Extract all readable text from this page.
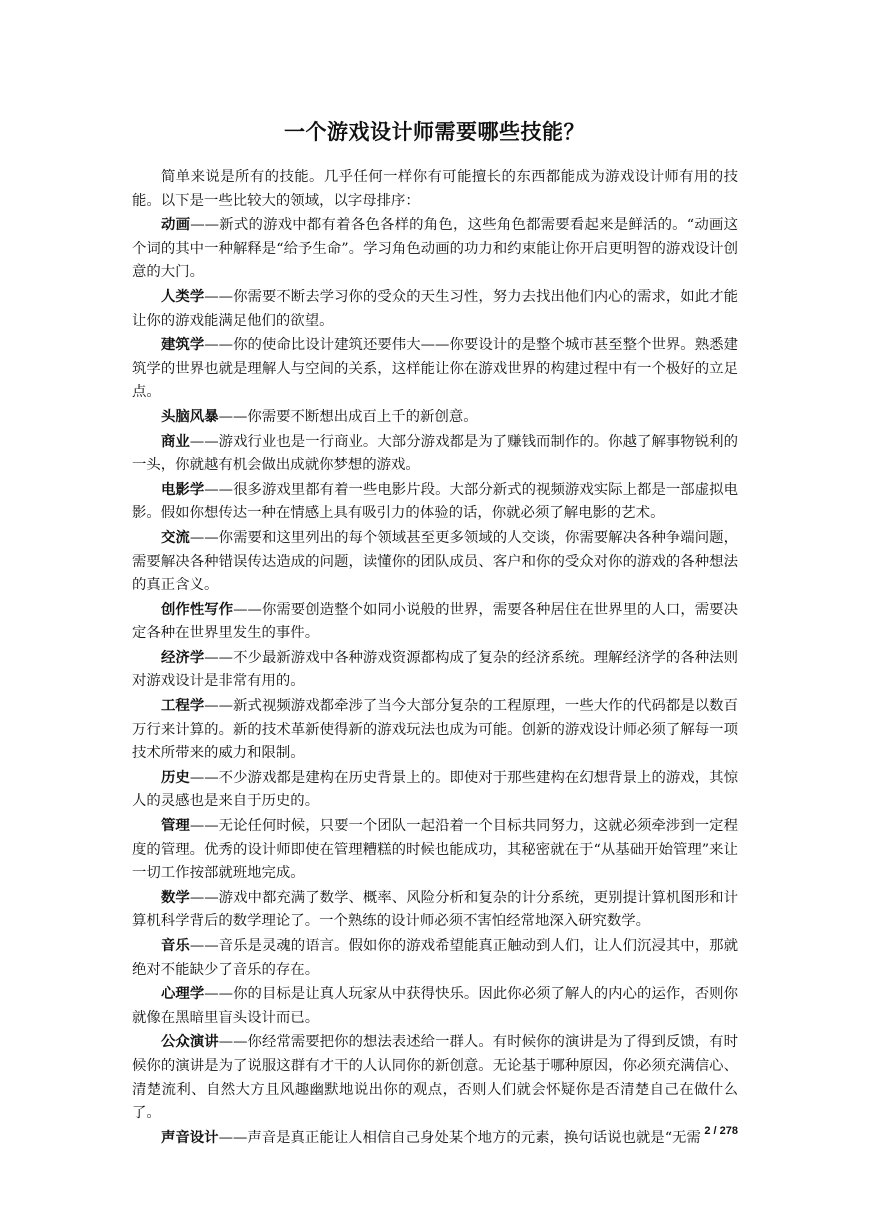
一个游戏设计师需要哪些技能？

简单来说是所有的技能。几乎任何一样你有可能擅长的东西都能成为游戏设计师有用的技能。以下是一些比较大的领域，以字母排序：

动画——新式的游戏中都有着各色各样的角色，这些角色都需要看起来是鲜活的。“动画这个词的其中一种解释是“给予生命”。学习角色动画的功力和约束能让你开启更明智的游戏设计创意的大门。

人类学——你需要不断去学习你的受众的天生习性，努力去找出他们内心的需求，如此才能让你的游戏能满足他们的欲望。

建筑学——你的使命比设计建筑还要伟大——你要设计的是整个城市甚至整个世界。熟悉建筑学的世界也就是理解人与空间的关系，这样能让你在游戏世界的构建过程中有一个极好的立足点。

头脑风暴——你需要不断想出成百上千的新创意。

商业——游戏行业也是一行商业。大部分游戏都是为了赚钱而制作的。你越了解事物锐利的一头，你就越有机会做出成就你梦想的游戏。

电影学——很多游戏里都有着一些电影片段。大部分新式的视频游戏实际上都是一部虚拟电影。假如你想传达一种在情感上具有吸引力的体验的话，你就必须了解电影的艺术。

交流——你需要和这里列出的每个领域甚至更多领域的人交谈，你需要解决各种争端问题，需要解决各种错误传达造成的问题，读懂你的团队成员、客户和你的受众对你的游戏的各种想法的真正含义。

创作性写作——你需要创造整个如同小说般的世界，需要各种居住在世界里的人口，需要决定各种在世界里发生的事件。

经济学——不少最新游戏中各种游戏资源都构成了复杂的经济系统。理解经济学的各种法则对游戏设计是非常有用的。

工程学——新式视频游戏都牵涉了当今大部分复杂的工程原理，一些大作的代码都是以数百万行来计算的。新的技术革新使得新的游戏玩法也成为可能。创新的游戏设计师必须了解每一项技术所带来的威力和限制。

历史——不少游戏都是建构在历史背景上的。即使对于那些建构在幻想背景上的游戏，其惊人的灵感也是来自于历史的。

管理——无论任何时候，只要一个团队一起沿着一个目标共同努力，这就必须牵涉到一定程度的管理。优秀的设计师即使在管理糟糕的时候也能成功，其秘密就在于“从基础开始管理”来让一切工作按部就班地完成。

数学——游戏中都充满了数学、概率、风险分析和复杂的计分系统，更别提计算机图形和计算机科学背后的数学理论了。一个熟练的设计师必须不害怕经常地深入研究数学。

音乐——音乐是灵魂的语言。假如你的游戏希望能真正触动到人们，让人们沉浸其中，那就绝对不能缺少了音乐的存在。

心理学——你的目标是让真人玩家从中获得快乐。因此你必须了解人的内心的运作，否则你就像在黑暗里盲头设计而已。

公众演讲——你经常需要把你的想法表述给一群人。有时候你的演讲是为了得到反馈，有时候你的演讲是为了说服这群有才干的人认同你的新创意。无论基于哪种原因，你必须充满信心、清楚流利、自然大方且风趣幽默地说出你的观点，否则人们就会怀疑你是否清楚自己在做什么了。

声音设计——声音是真正能让人相信自己身处某个地方的元素，换句话说也就是“无需 2 / 278
